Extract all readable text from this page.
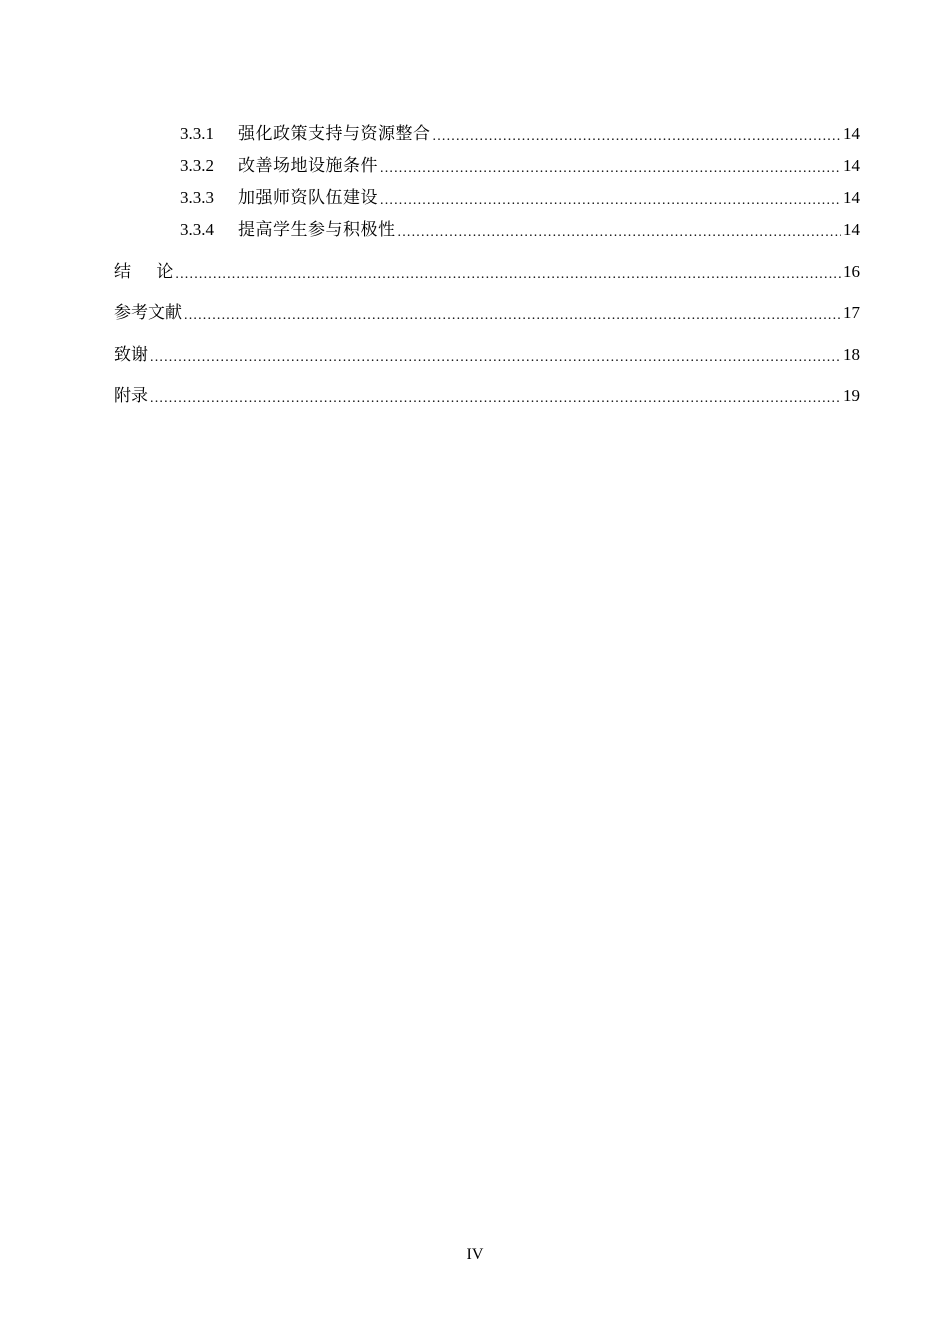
3.3.1	强化政策支持与资源整合 .....	14
3.3.2	改善场地设施条件 .....	14
3.3.3	加强师资队伍建设 .....	14
3.3.4	提高学生参与积极性 .....	14
结 论 .....	16
参考文献 .....	17
致谢 .....	18
附录 .....	19
IV
